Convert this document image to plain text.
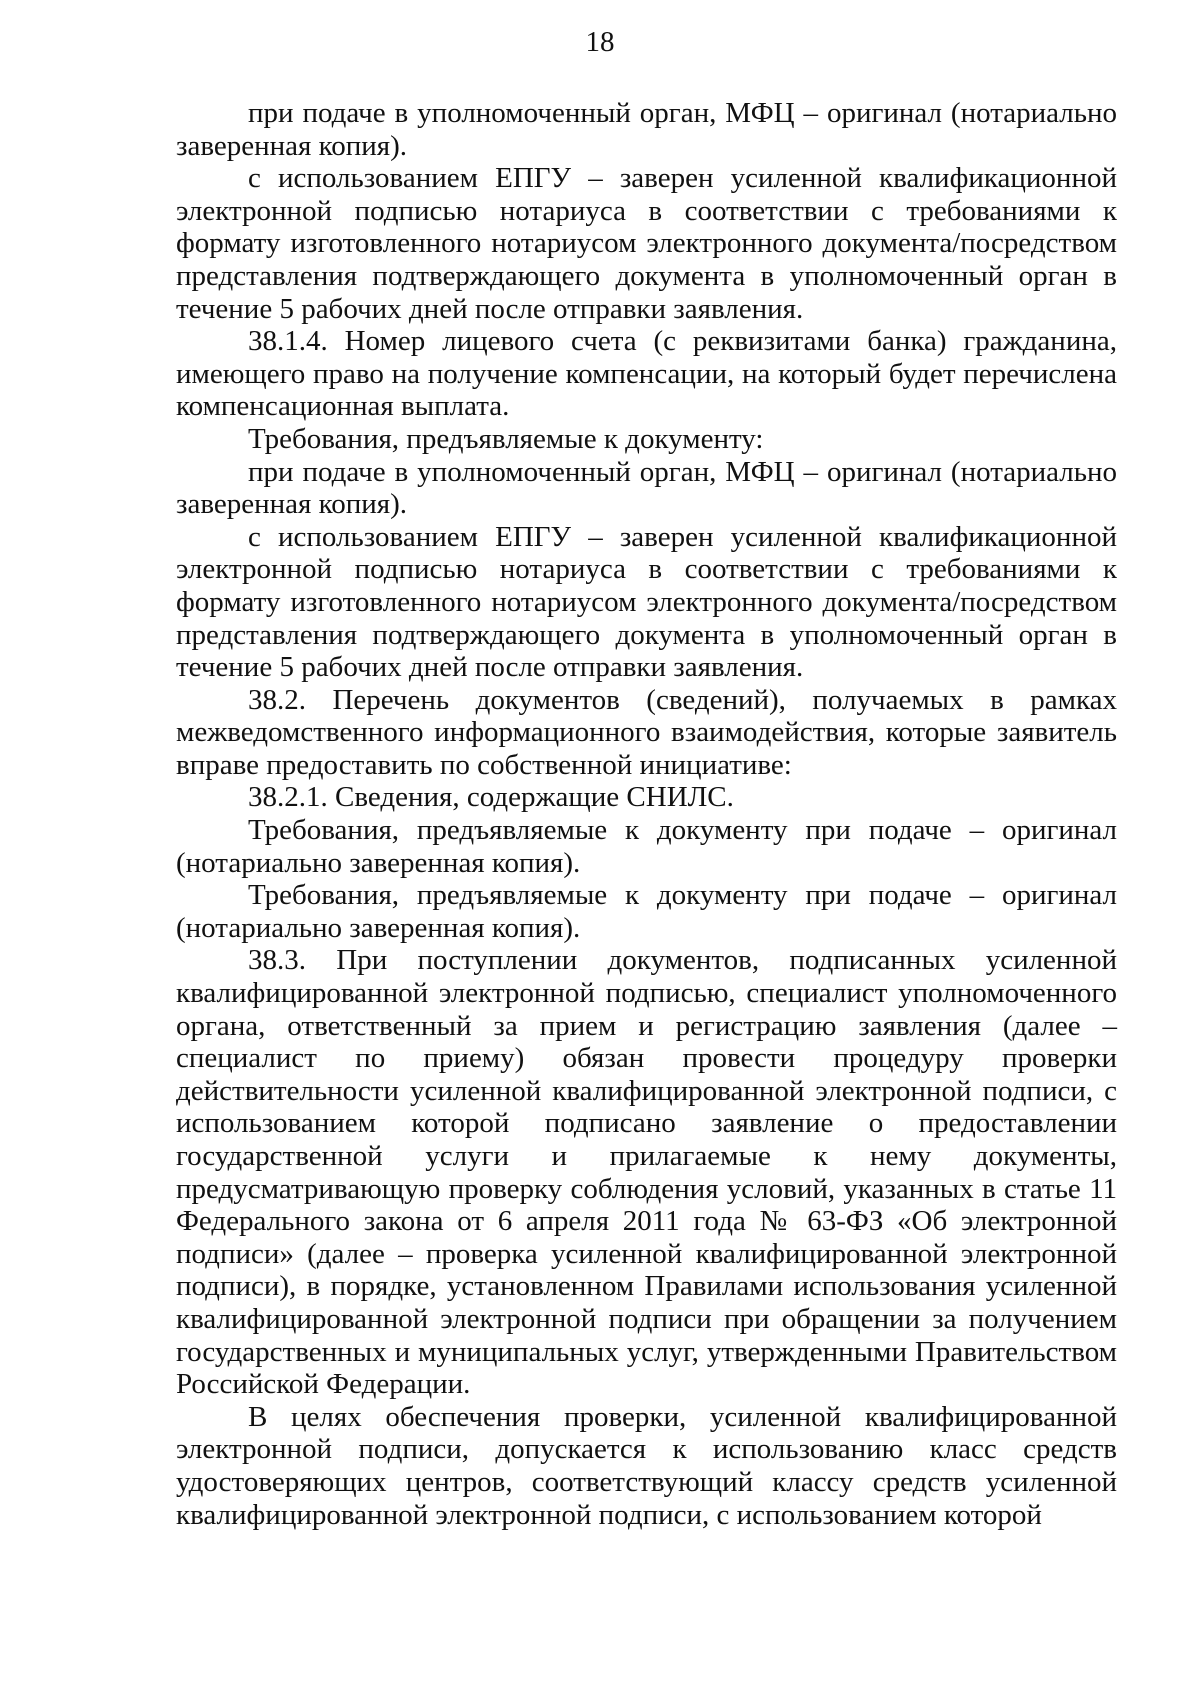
18

при подаче в уполномоченный орган, МФЦ – оригинал (нотариально заверенная копия).

с использованием ЕПГУ – заверен усиленной квалификационной электронной подписью нотариуса в соответствии с требованиями к формату изготовленного нотариусом электронного документа/посредством представления подтверждающего документа в уполномоченный орган в течение 5 рабочих дней после отправки заявления.

38.1.4. Номер лицевого счета (с реквизитами банка) гражданина, имеющего право на получение компенсации, на который будет перечислена компенсационная выплата.

Требования, предъявляемые к документу:

при подаче в уполномоченный орган, МФЦ – оригинал (нотариально заверенная копия).

с использованием ЕПГУ – заверен усиленной квалификационной электронной подписью нотариуса в соответствии с требованиями к формату изготовленного нотариусом электронного документа/посредством представления подтверждающего документа в уполномоченный орган в течение 5 рабочих дней после отправки заявления.

38.2. Перечень документов (сведений), получаемых в рамках межведомственного информационного взаимодействия, которые заявитель вправе предоставить по собственной инициативе:

38.2.1. Сведения, содержащие СНИЛС.

Требования, предъявляемые к документу при подаче – оригинал (нотариально заверенная копия).

Требования, предъявляемые к документу при подаче – оригинал (нотариально заверенная копия).

38.3. При поступлении документов, подписанных усиленной квалифицированной электронной подписью, специалист уполномоченного органа, ответственный за прием и регистрацию заявления (далее – специалист по приему) обязан провести процедуру проверки действительности усиленной квалифицированной электронной подписи, с использованием которой подписано заявление о предоставлении государственной услуги и прилагаемые к нему документы, предусматривающую проверку соблюдения условий, указанных в статье 11 Федерального закона от 6 апреля 2011 года № 63-ФЗ «Об электронной подписи» (далее – проверка усиленной квалифицированной электронной подписи), в порядке, установленном Правилами использования усиленной квалифицированной электронной подписи при обращении за получением государственных и муниципальных услуг, утвержденными Правительством Российской Федерации.

В целях обеспечения проверки, усиленной квалифицированной электронной подписи, допускается к использованию класс средств удостоверяющих центров, соответствующий классу средств усиленной квалифицированной электронной подписи, с использованием которой
